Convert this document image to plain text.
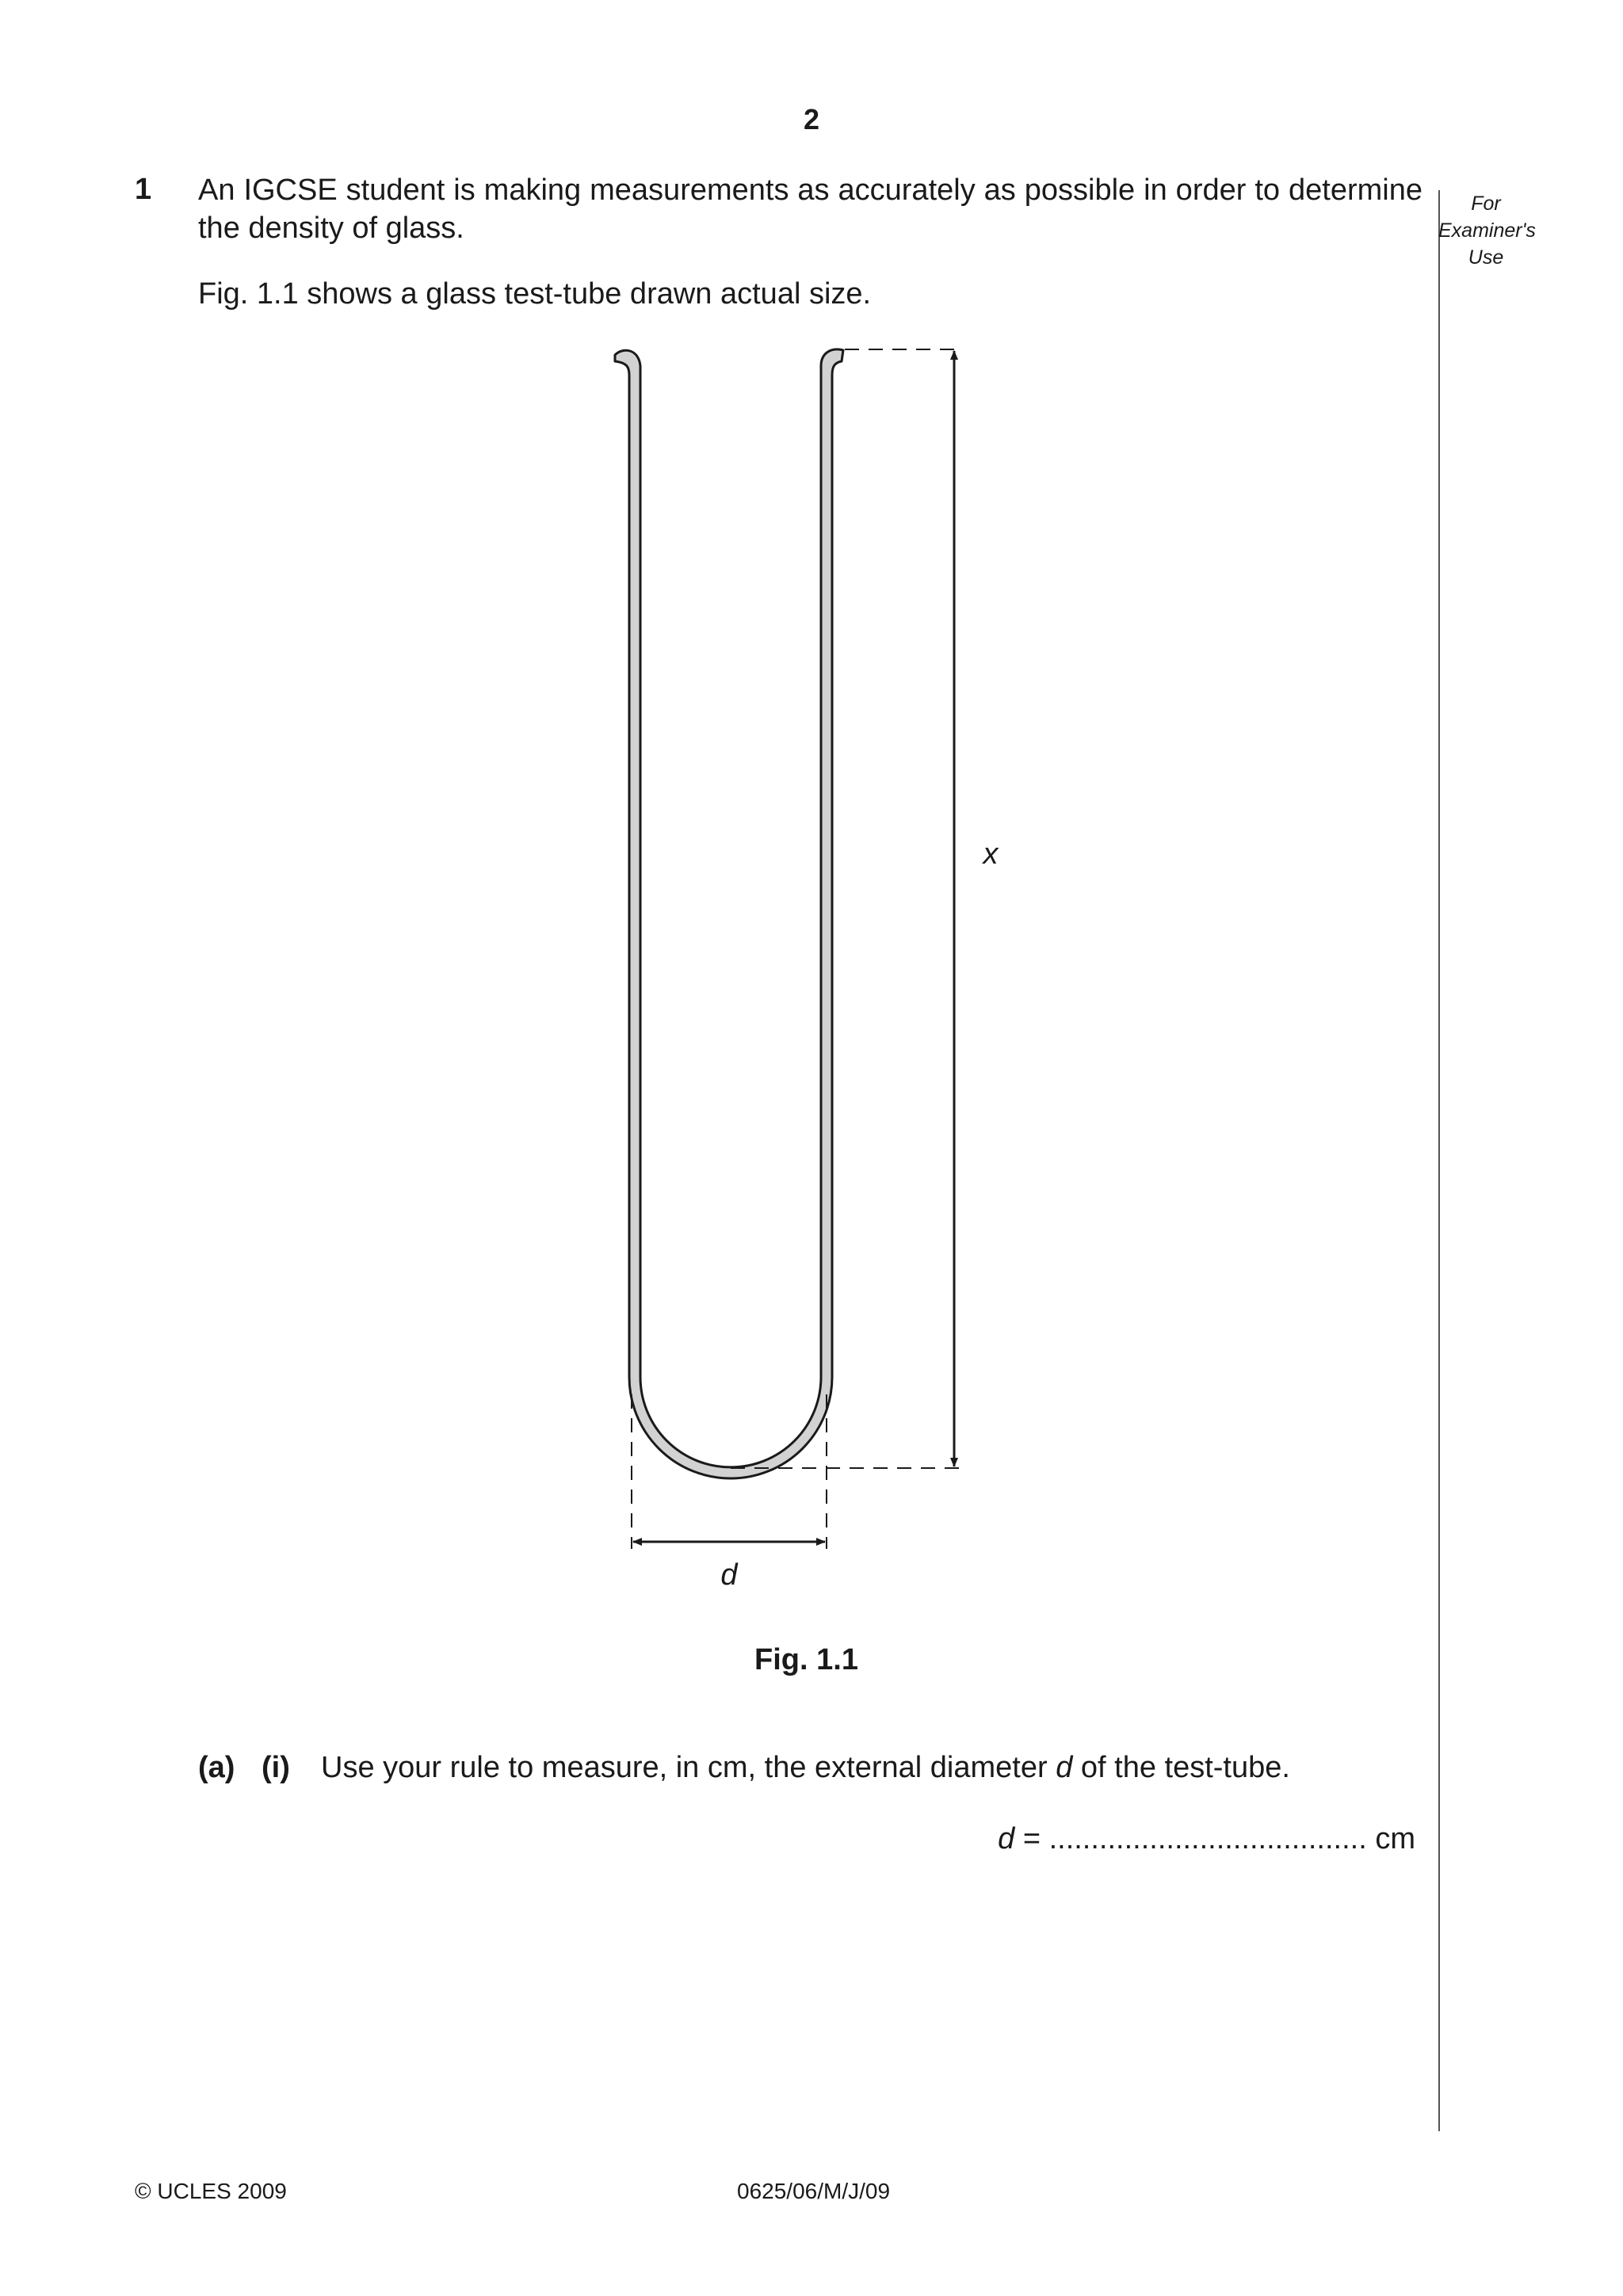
2
1 An IGCSE student is making measurements as accurately as possible in order to determine the density of glass.
Fig. 1.1 shows a glass test-tube drawn actual size.
For
Examiner's
Use
x
d
Fig. 1.1
(a) (i) Use your rule to measure, in cm, the external diameter d of the test-tube.
d = ...................................... cm
© UCLES 2009	0625/06/M/J/09
